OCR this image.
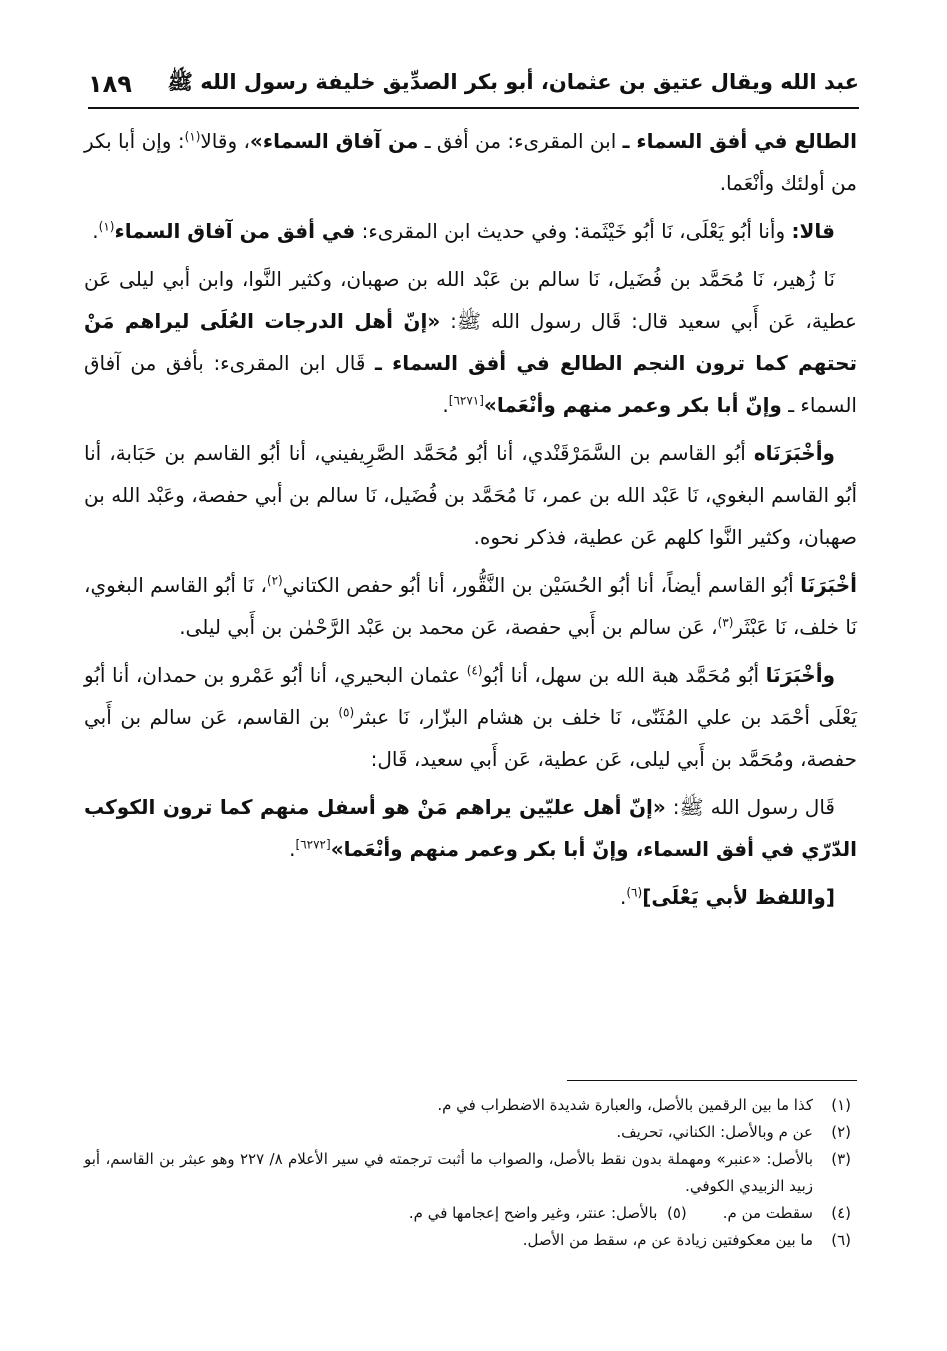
عبد الله ويقال عتيق بن عثمان، أبو بكر الصدِّيق خليفة رسول الله ﷺ
١٨٩

الطالع في أفق السماء ـ ابن المقرىء: من أفق ـ من آفاق السماء»، وقالا$^{(١)}$: وإن أبا بكر من أولئك وأنْعَما.

قالا: وأنا أبُو يَعْلَى، نَا أبُو خَيْثَمة: وفي حديث ابن المقرىء: في أفق من آفاق السماء$^{(١)}$.

نَا زُهير، نَا مُحَمَّد بن فُضَيل، نَا سالم بن عَبْد الله بن صهبان، وكثير النَّوا، وابن أبي ليلى عَن عطية، عَن أَبي سعيد قال: قَال رسول الله ﷺ: «إنّ أهل الدرجات العُلَى ليراهم مَنْ تحتهم كما ترون النجم الطالع في أفق السماء ـ قَال ابن المقرىء: بأفق من آفاق السماء ـ وإنّ أبا بكر وعمر منهم وأنْعَما»[٦٢٧١].

وأخْبَرَنَاه أبُو القاسم بن السَّمَرْقَنْدي، أنا أبُو مُحَمَّد الصَّرِيفيني، أنا أبُو القاسم بن حَبَابة، أنا أبُو القاسم البغوي، نَا عَبْد الله بن عمر، نَا مُحَمَّد بن فُضَيل، نَا سالم بن أبي حفصة، وعَبْد الله بن صهبان، وكثير النَّوا كلهم عَن عطية، فذكر نحوه.

أخْبَرَنَا أبُو القاسم أيضاً، أنا أبُو الحُسَيْن بن النَّقُّور، أنا أبُو حفص الكتاني$^{(٢)}$، نَا أبُو القاسم البغوي، نَا خلف، نَا عَبْثَر$^{(٣)}$، عَن سالم بن أَبي حفصة، عَن محمد بن عَبْد الرَّحْمٰن بن أَبي ليلى.

وأخْبَرَنَا أبُو مُحَمَّد هبة الله بن سهل، أنا أبُو$^{(٤)}$ عثمان البحيري، أنا أبُو عَمْرو بن حمدان، أنا أبُو يَعْلَى أحْمَد بن علي المُثَنّى، نَا خلف بن هشام البزّار، نَا عبثر$^{(٥)}$ بن القاسم، عَن سالم بن أَبي حفصة، ومُحَمَّد بن أَبي ليلى، عَن عطية، عَن أَبي سعيد، قَال:

قَال رسول الله ﷺ: «إنّ أهل عليّين يراهم مَنْ هو أسفل منهم كما ترون الكوكب الدّرّي في أفق السماء، وإنّ أبا بكر وعمر منهم وأنْعَما»[٦٢٧٢].

[واللفظ لأبي يَعْلَى]$^{(٦)}$.

(١)
كذا ما بين الرقمين بالأصل، والعبارة شديدة الاضطراب في م.
(٢)
عن م وبالأصل: الكناني، تحريف.
(٣)
بالأصل: «عنبر» ومهملة بدون نقط بالأصل، والصواب ما أثبت ترجمته في سير الأعلام ٨/ ٢٢٧ وهو عبثر بن القاسم، أبو زبيد الزبيدي الكوفي.
(٤)
سقطت من م.
(٥)  بالأصل: عنتر، وغير واضح إعجامها في م.
(٦)
ما بين معكوفتين زيادة عن م، سقط من الأصل.
